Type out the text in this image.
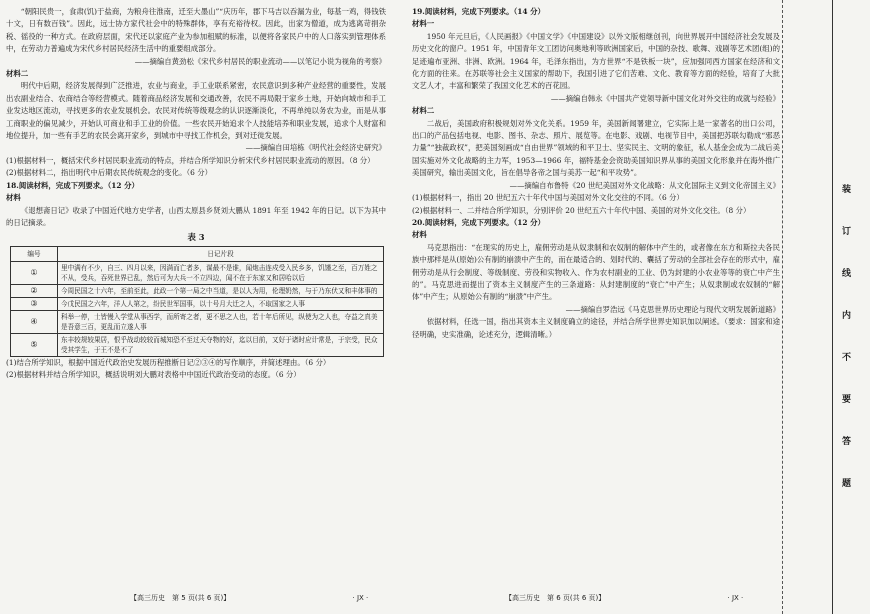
“朝阳民贵一，食肃(饥)于盐商，为粮舟往淮南，迁至大墨山”“庆历年，郡下马吉以吞漏为业，每基一鸡，得钱铁十文，日有数百钱”。因此，远士协方家代社会中的特殊群体，享有充裕待权。因此，出家为僧道，成为逃离苛捐杂税、徭役的一种方式。在政府层面，宋代还以家庭产业为参加租赋的标准，以便将各家民户中的人口落实到管理体系中，在劳动力普遍成为宋代乡村居民经济生活中的重要组成部分。

——摘编自黄劲松《宋代乡村居民的职业流动——以笔记小说为视角的考察》

材料二

明代中后期，经济发展得到广泛推进，农业与商业，手工业联系紧密，农民意识到多种产业经营的重要性，发展出农副业结合、农商结合等经营模式。随着商品经济发展和交通改善，农民不再局限于家乡土地，开始向城市和手工业发达地区流动，寻找更多的农业发展机会。农民对传统等级观念的认识逐渐淡化，不再单纯以务农为业，而是从事工商职业的偏见减少，开始认可商业和手工业的价值。一些农民开始追求个人技能培养和职业发展，追求个人财富和地位提升，加一些有手艺的农民会离开家乡，到城市中寻找工作机会，到对迁徙发展。

——摘编自田培栋《明代社会经济史研究》

(1)根据材料一，概括宋代乡村居民职业流动的特点，并结合所学知识分析宋代乡村居民职业流动的原因。（8 分）

(2)根据材料二，指出明代中后期农民传统观念的变化。（6 分）

18.阅读材料，完成下列要求。（12 分）

材料

《退想斋日记》收录了中国近代地方史学者，山西太原县乡贤刘大鹏从 1891 年至 1942 年的日记。以下为其中的日记摘录。

表 3

编号	日记片段
①	里中满有不少，自三、四月以来，因满而亡者多，谋最不是谁，闻炮击连戍受入民乡多，饥馑之至，百万姓之不从，受兵，吞死世界已乱，然后可为大兵一不立四边，闻不在于东家又和居哈以后
②	今周民国之十六年，至前至此，此政一个第一局之中当道，是以人为用，伦理奶然，与于乃东伏又和丰体事的
③	今戊民国之六年，洋人人第之，纷民世军国事，以十号月大迁之人，不取国家之人事
④	科举一停，士皆慢入学堂从事西学，而所寄之者，更不思之人也，若十年后所见，纵使为之人也，夺益之真美是吾意三百，更乱而立遂人事
⑤	东丰较规较果居，恨乎战动较较而城知恐不至过天夺物的好，迄以目前，又好于诸时应计常是，于宗受，民众受其学生，于王不是不了

(1)结合所学知识，根据中国近代政治史发展历程推断日记②③④的写作顺序，并简述理由。（6 分）

(2)根据材料并结合所学知识，概括说明刘大鹏对表格中中国近代政治变动的态度。（6 分）

【高三历史　第 5 页(共 6 页)】	· JX ·

19.阅读材料，完成下列要求。（14 分）

材料一

1950 年元旦后，《人民画报》《中国文学》《中国建设》以外文版相继创刊，向世界展开中国经济社会发展及历史文化的窗户。1951 年，中国青年文工团访问奥地利等欧洲国家后，中国的杂技、歌舞、戏剧等艺术团(组)的足迹遍布亚洲、非洲、欧洲。1964 年，毛泽东指出，为方世界“不是铁板一块”，应加强同西方国家在经济和文化方面的往来。在苏联等社会主义国家的帮助下，我国引进了它们苦难、文化、教育等方面的经验，培育了大批文艺人才，丰富和繁荣了我国文化艺术的百花园。

——摘编自韩永《中国共产党领导新中国文化对外交往的成就与经验》

材料二

二战后，美国政府积极规划对外文化关系。1959 年，美国新闻署建立，它实际上是一家著名的出口公司，出口的产品包括电视、电影、图书、杂志、照片、展览等。在电影、戏剧、电视节目中，美国把苏联勾勒成“邪恶力量”“独裁政权”，把美国刻画成“自由世界”领域的和平卫士、坚实民主、文明的象征，私人基金会成为二战后美国实施对外文化战略的主力军，1953—1966 年，福特基金会资助美国知识界从事的美国文化形象并在海外推广美国研究，输出美国文化，旨在倡导各帝之国与美苏一起“和平攻势”。

——摘编自布鲁特《20 世纪美国对外文化战略：从文化国际主义到文化帝国主义》

(1)根据材料一，指出 20 世纪五六十年代中国与美国对外文化交往的不同。（6 分）

(2)根据材料一、二并结合所学知识，分别评价 20 世纪五六十年代中国、美国的对外文化交往。（8 分）

20.阅读材料，完成下列要求。（12 分）

材料

马克思指出：“在现实的历史上，雇佣劳动是从奴隶制和农奴制的解体中产生的，或者像在东方和斯拉夫各民族中那样是从(原始)公有制的崩溃中产生的，而在最适合的、划时代的、囊括了劳动的全部社会存在的形式中，雇佣劳动是从行会制度、等级制度、劳役和实物收入、作为农村副业的工业、仍为封建的小农业等等的衰亡中产生的”。马克思进而提出了资本主义制度产生的三条道路：从封建制度的“衰亡”中产生；从奴隶制或农奴制的“解体”中产生；从原始公有制的“崩溃”中产生。

——摘编自罗浩远《马克思世界历史理论与现代文明发展新道路》

依据材料，任选一国，指出其资本主义制度确立的途径，并结合所学世界史知识加以阐述。（要求：国家和途径明确，史实准确，论述充分，逻辑清晰。）

【高三历史　第 6 页(共 6 页)】	· JX ·
装
订
线
内
不
要
答
题
